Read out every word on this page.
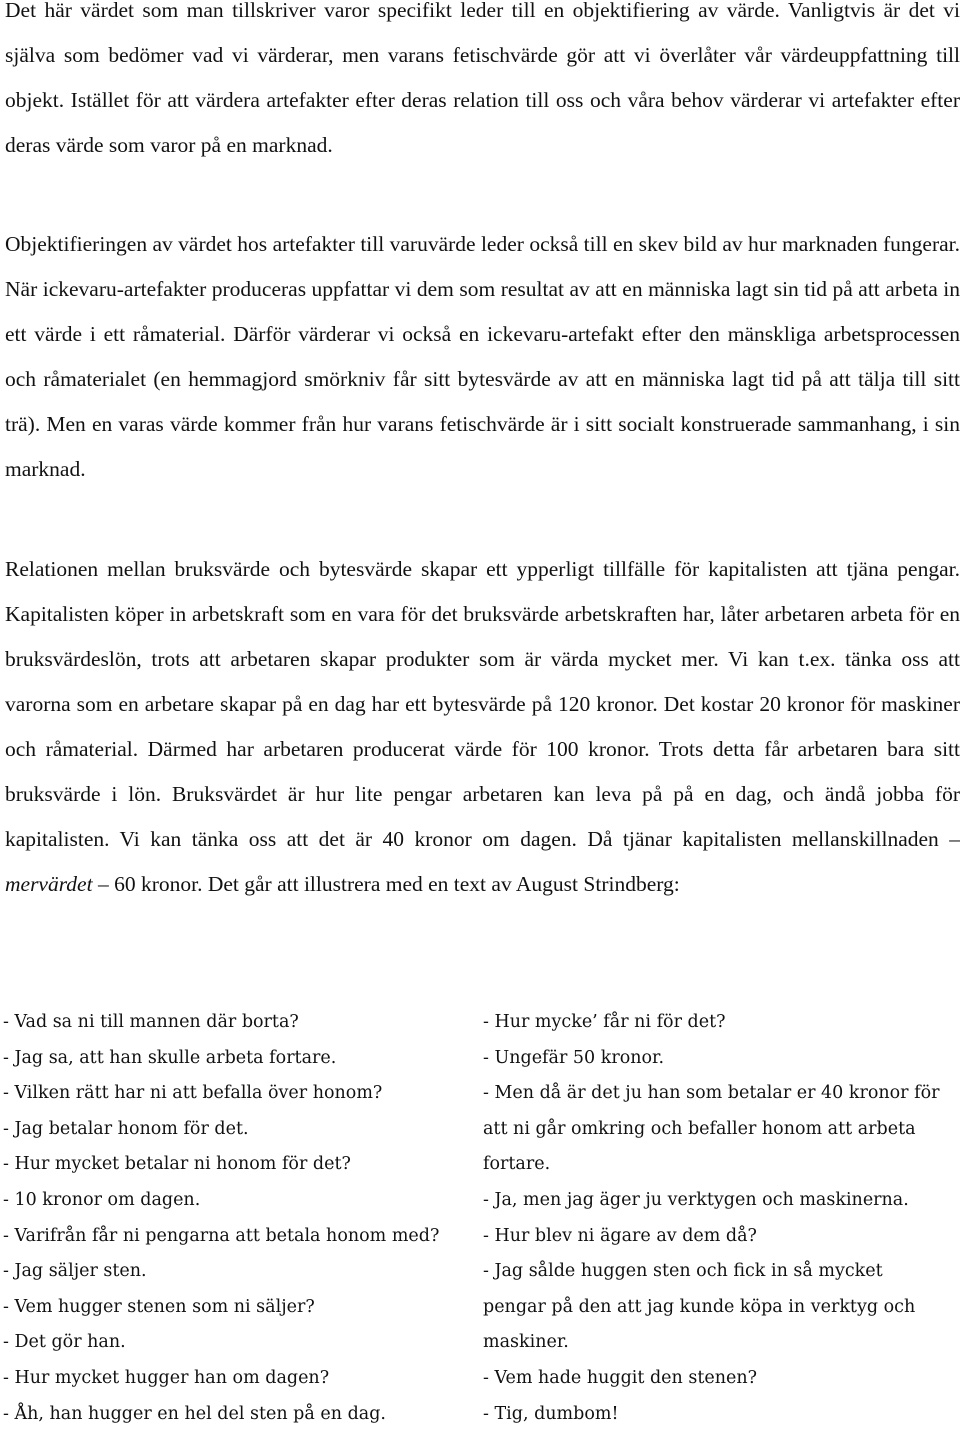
Det här värdet som man tillskriver varor specifikt leder till en objektifiering av värde. Vanligtvis är det vi själva som bedömer vad vi värderar, men varans fetischvärde gör att vi överlåter vår värdeuppfattning till objekt. Istället för att värdera artefakter efter deras relation till oss och våra behov värderar vi artefakter efter deras värde som varor på en marknad.

Objektifieringen av värdet hos artefakter till varuvärde leder också till en skev bild av hur marknaden fungerar. När ickevaru-artefakter produceras uppfattar vi dem som resultat av att en människa lagt sin tid på att arbeta in ett värde i ett råmaterial. Därför värderar vi också en ickevaru-artefakt efter den mänskliga arbetsprocessen och råmaterialet (en hemmagjord smörkniv får sitt bytesvärde av att en människa lagt tid på att tälja till sitt trä). Men en varas värde kommer från hur varans fetischvärde är i sitt socialt konstruerade sammanhang, i sin marknad.

Relationen mellan bruksvärde och bytesvärde skapar ett ypperligt tillfälle för kapitalisten att tjäna pengar. Kapitalisten köper in arbetskraft som en vara för det bruksvärde arbetskraften har, låter arbetaren arbeta för en bruksvärdeslön, trots att arbetaren skapar produkter som är värda mycket mer. Vi kan t.ex. tänka oss att varorna som en arbetare skapar på en dag har ett bytesvärde på 120 kronor. Det kostar 20 kronor för maskiner och råmaterial. Därmed har arbetaren producerat värde för 100 kronor. Trots detta får arbetaren bara sitt bruksvärde i lön. Bruksvärdet är hur lite pengar arbetaren kan leva på på en dag, och ändå jobba för kapitalisten. Vi kan tänka oss att det är 40 kronor om dagen. Då tjänar kapitalisten mellanskillnaden – mervärdet – 60 kronor. Det går att illustrera med en text av August Strindberg:

- Vad sa ni till mannen där borta?
- Jag sa, att han skulle arbeta fortare.
- Vilken rätt har ni att befalla över honom?
- Jag betalar honom för det.
- Hur mycket betalar ni honom för det?
- 10 kronor om dagen.
- Varifrån får ni pengarna att betala honom med?
- Jag säljer sten.
- Vem hugger stenen som ni säljer?
- Det gör han.
- Hur mycket hugger han om dagen?
- Åh, han hugger en hel del sten på en dag.
- Hur mycke’ får ni för det?
- Ungefär 50 kronor.
- Men då är det ju han som betalar er 40 kronor för
att ni går omkring och befaller honom att arbeta
fortare.
- Ja, men jag äger ju verktygen och maskinerna.
- Hur blev ni ägare av dem då?
- Jag sålde huggen sten och fick in så mycket
pengar på den att jag kunde köpa in verktyg och
maskiner.
- Vem hade huggit den stenen?
- Tig, dumbom!
